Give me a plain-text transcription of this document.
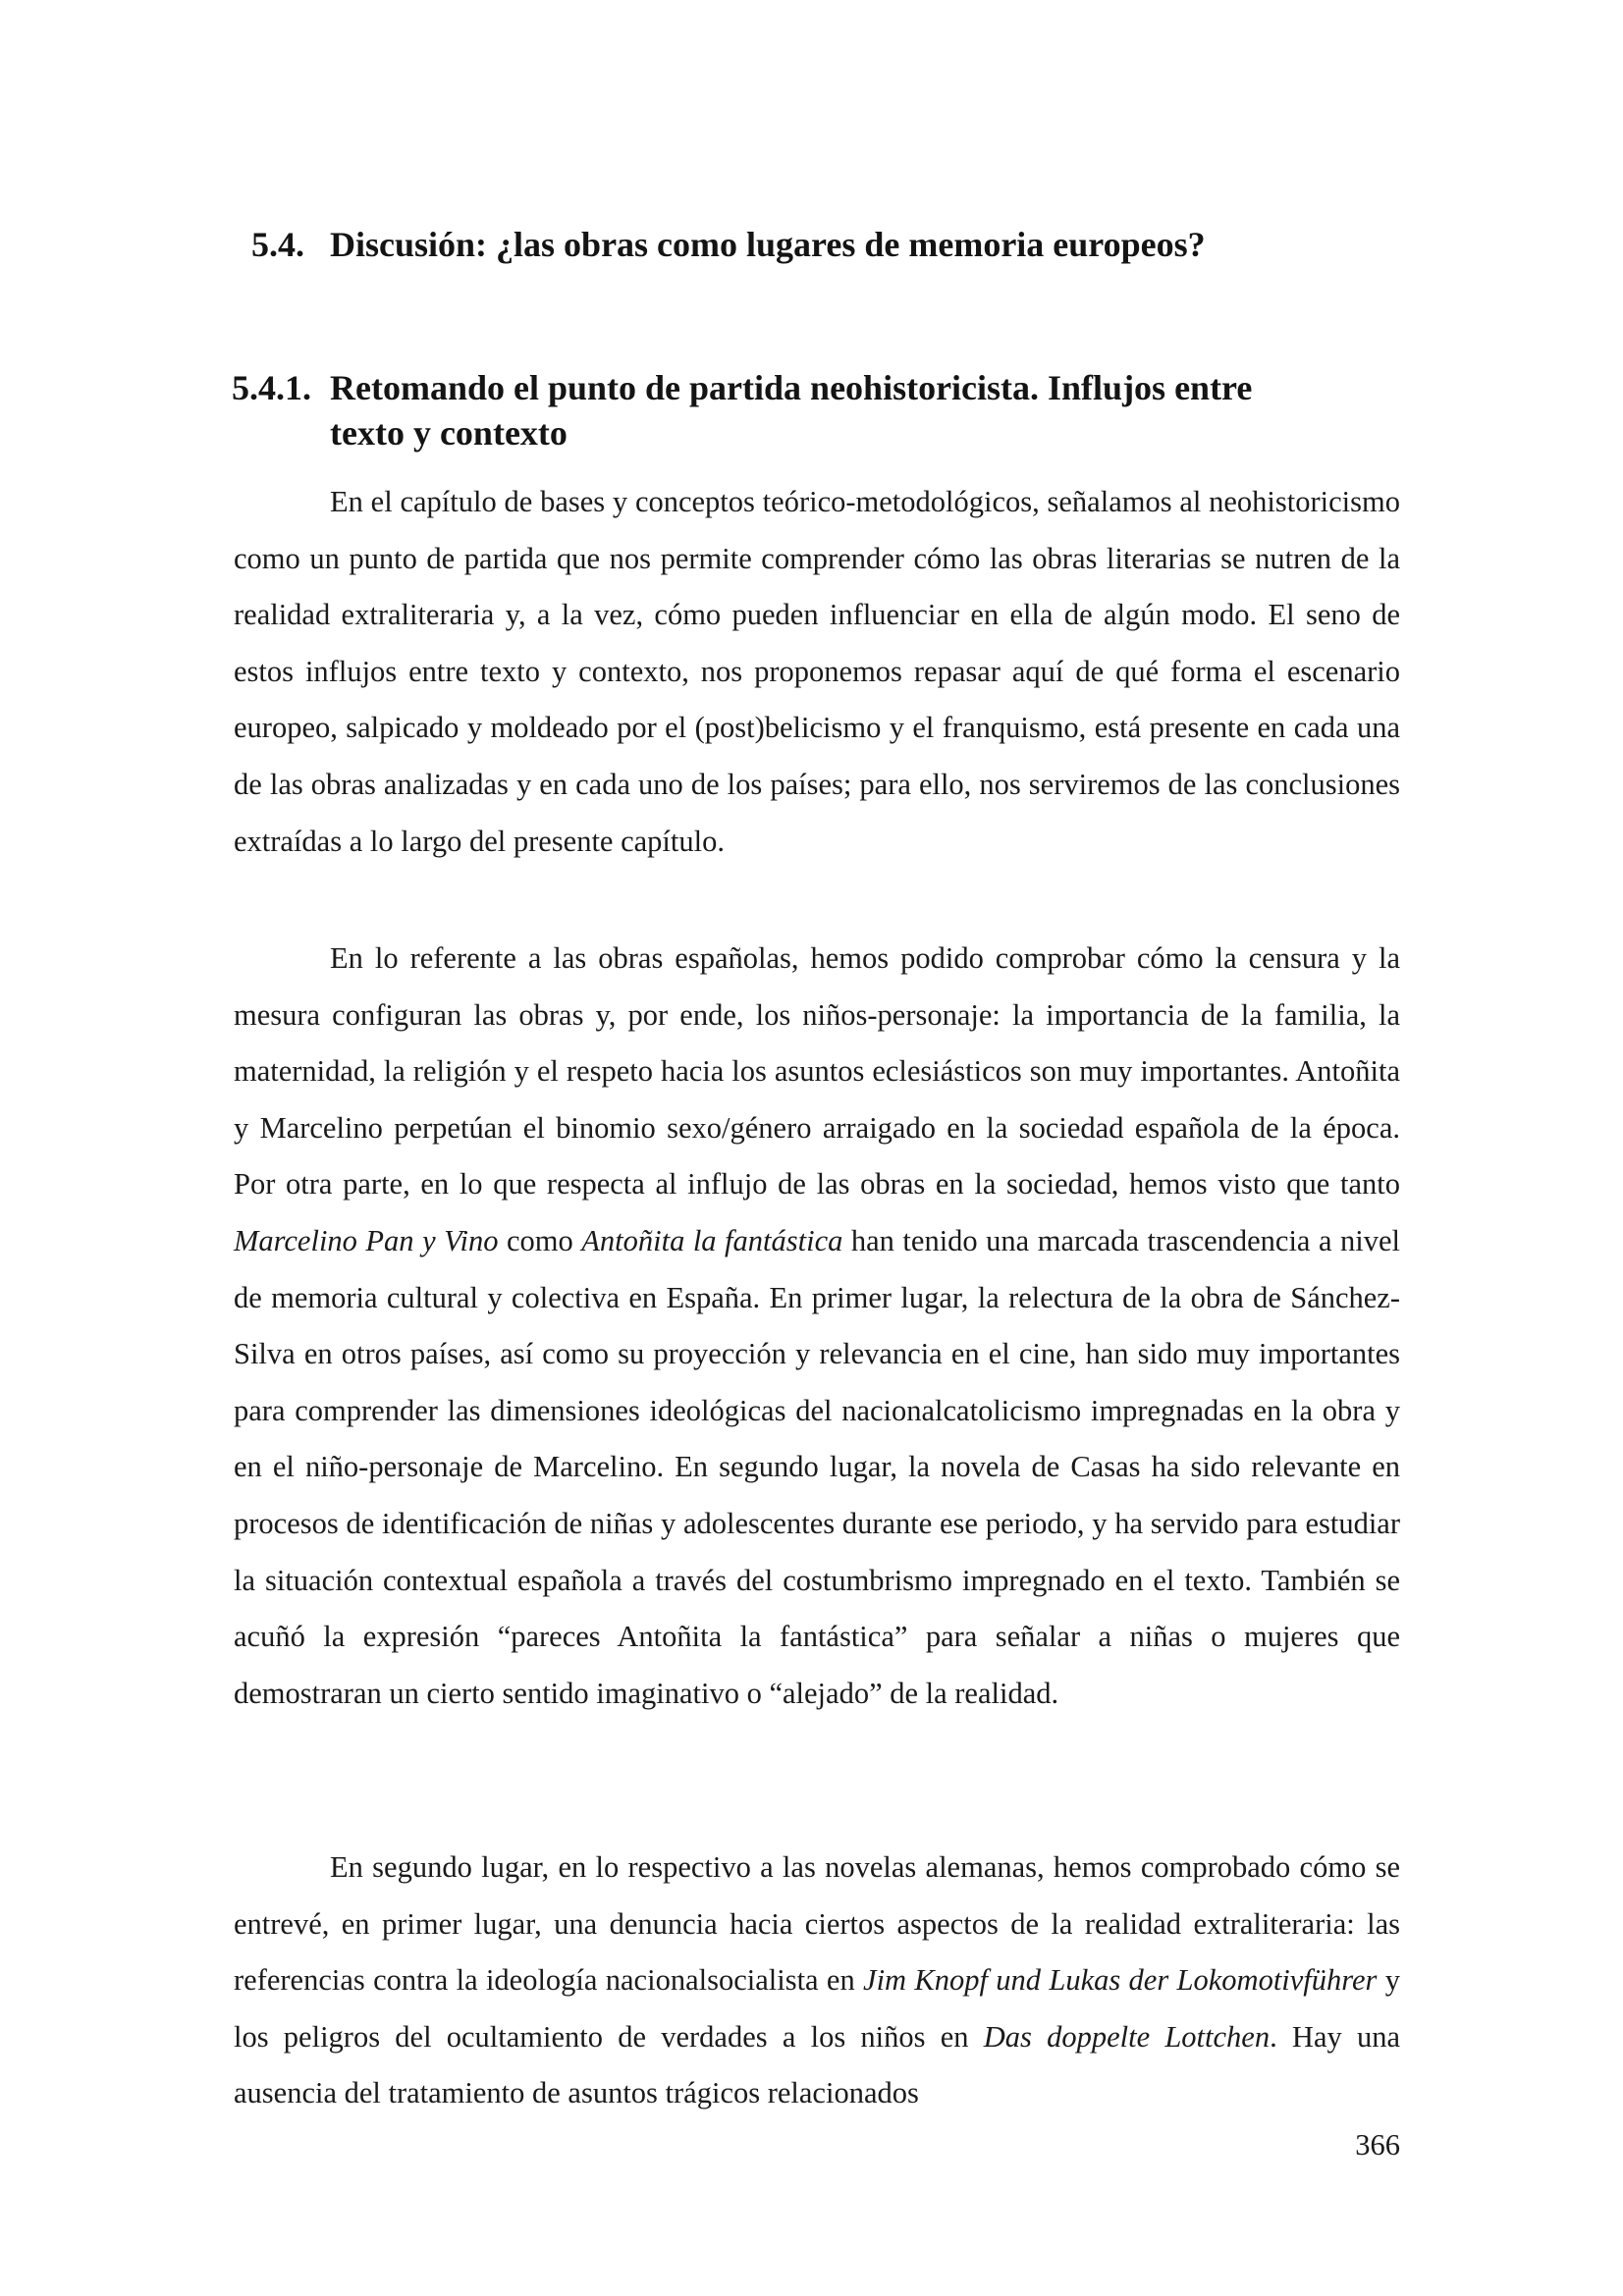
5.4. Discusión: ¿las obras como lugares de memoria europeos?
5.4.1. Retomando el punto de partida neohistoricista. Influjos entre texto y contexto

En el capítulo de bases y conceptos teórico-metodológicos, señalamos al neohistoricismo como un punto de partida que nos permite comprender cómo las obras literarias se nutren de la realidad extraliteraria y, a la vez, cómo pueden influenciar en ella de algún modo. El seno de estos influjos entre texto y contexto, nos proponemos repasar aquí de qué forma el escenario europeo, salpicado y moldeado por el (post)belicismo y el franquismo, está presente en cada una de las obras analizadas y en cada uno de los países; para ello, nos serviremos de las conclusiones extraídas a lo largo del presente capítulo.

En lo referente a las obras españolas, hemos podido comprobar cómo la censura y la mesura configuran las obras y, por ende, los niños-personaje: la importancia de la familia, la maternidad, la religión y el respeto hacia los asuntos eclesiásticos son muy importantes. Antoñita y Marcelino perpetúan el binomio sexo/género arraigado en la sociedad española de la época. Por otra parte, en lo que respecta al influjo de las obras en la sociedad, hemos visto que tanto Marcelino Pan y Vino como Antoñita la fantástica han tenido una marcada trascendencia a nivel de memoria cultural y colectiva en España. En primer lugar, la relectura de la obra de Sánchez-Silva en otros países, así como su proyección y relevancia en el cine, han sido muy importantes para comprender las dimensiones ideológicas del nacionalcatolicismo impregnadas en la obra y en el niño-personaje de Marcelino. En segundo lugar, la novela de Casas ha sido relevante en procesos de identificación de niñas y adolescentes durante ese periodo, y ha servido para estudiar la situación contextual española a través del costumbrismo impregnado en el texto. También se acuñó la expresión “pareces Antoñita la fantástica” para señalar a niñas o mujeres que demostraran un cierto sentido imaginativo o “alejado” de la realidad.

En segundo lugar, en lo respectivo a las novelas alemanas, hemos comprobado cómo se entrevé, en primer lugar, una denuncia hacia ciertos aspectos de la realidad extraliteraria: las referencias contra la ideología nacionalsocialista en Jim Knopf und Lukas der Lokomotivführer y los peligros del ocultamiento de verdades a los niños en Das doppelte Lottchen. Hay una ausencia del tratamiento de asuntos trágicos relacionados

366
